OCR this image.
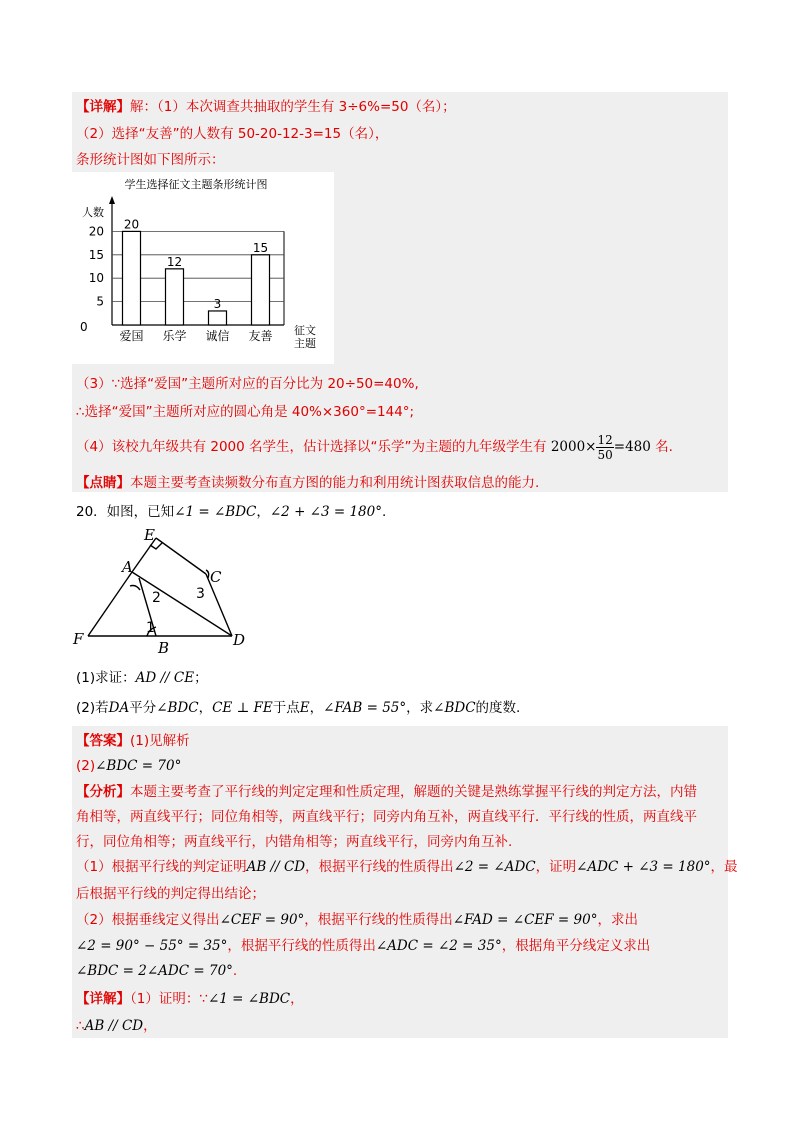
【详解】解：（1）本次调查共抽取的学生有 3÷6%=50（名）；
（2）选择“友善”的人数有 50-20-12-3=15（名），
条形统计图如下图所示：
学生选择征文主题条形统计图
人数
0
5
10
15
20 20
12
3
15
爱国 乐学 诚信 友善 征文
主题
（3）∵选择“爱国”主题所对应的百分比为 20÷50=40%,
∴选择“爱国”主题所对应的圆心角是 40%×360°=144°;
（4）该校九年级共有 2000 名学生，估计选择以“乐学”为主题的九年级学生有 $2000\times \frac{12}{50} =480$ 名.
【点睛】本题主要考查读频数分布直方图的能力和利用统计图获取信息的能力.
20．如图，已知∠1 = ∠BDC，∠2 + ∠3 = 180°.
E
A
C
F	B	D
2
1
3
(1)求证：AD // CE；
(2)若DA平分∠BDC，CE ⊥ FE于点E，∠FAB = 55°，求∠BDC的度数.
【答案】(1)见解析
(2)∠BDC = 70°
【分析】本题主要考查了平行线的判定定理和性质定理，解题的关键是熟练掌握平行线的判定方法，内错
角相等，两直线平行；同位角相等，两直线平行；同旁内角互补，两直线平行．平行线的性质，两直线平
行，同位角相等；两直线平行，内错角相等；两直线平行，同旁内角互补.
（1）根据平行线的判定证明AB // CD，根据平行线的性质得出∠2 = ∠ADC，证明∠ADC + ∠3 = 180°，最
后根据平行线的判定得出结论；
（2）根据垂线定义得出∠CEF = 90°，根据平行线的性质得出∠FAD = ∠CEF = 90°，求出
∠2 = 90° − 55° = 35°，根据平行线的性质得出∠ADC = ∠2 = 35°，根据角平分线定义求出
∠BDC = 2∠ADC = 70°.
【详解】（1）证明：∵∠1 = ∠BDC，
∴AB // CD，
